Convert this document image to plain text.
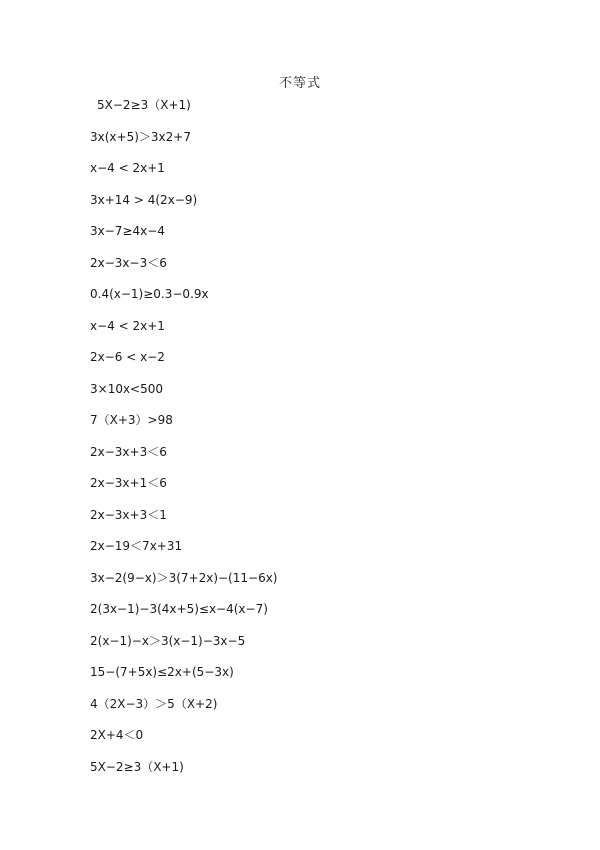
不等式
5X−2≥3（X+1)
3x(x+5)＞3x2+7
x−4 < 2x+1
3x+14 > 4(2x−9)
3x−7≥4x−4
2x−3x−3＜6
0.4(x−1)≥0.3−0.9x
x−4 < 2x+1
2x−6 < x−2
3×10x<500
7（X+3）>98
2x−3x+3＜6
2x−3x+1＜6
2x−3x+3＜1
2x−19＜7x+31
3x−2(9−x)＞3(7+2x)−(11−6x)
2(3x−1)−3(4x+5)≤x−4(x−7)
2(x−1)−x＞3(x−1)−3x−5
15−(7+5x)≤2x+(5−3x)
4（2X−3）＞5（X+2)
2X+4＜0
5X−2≥3（X+1)
